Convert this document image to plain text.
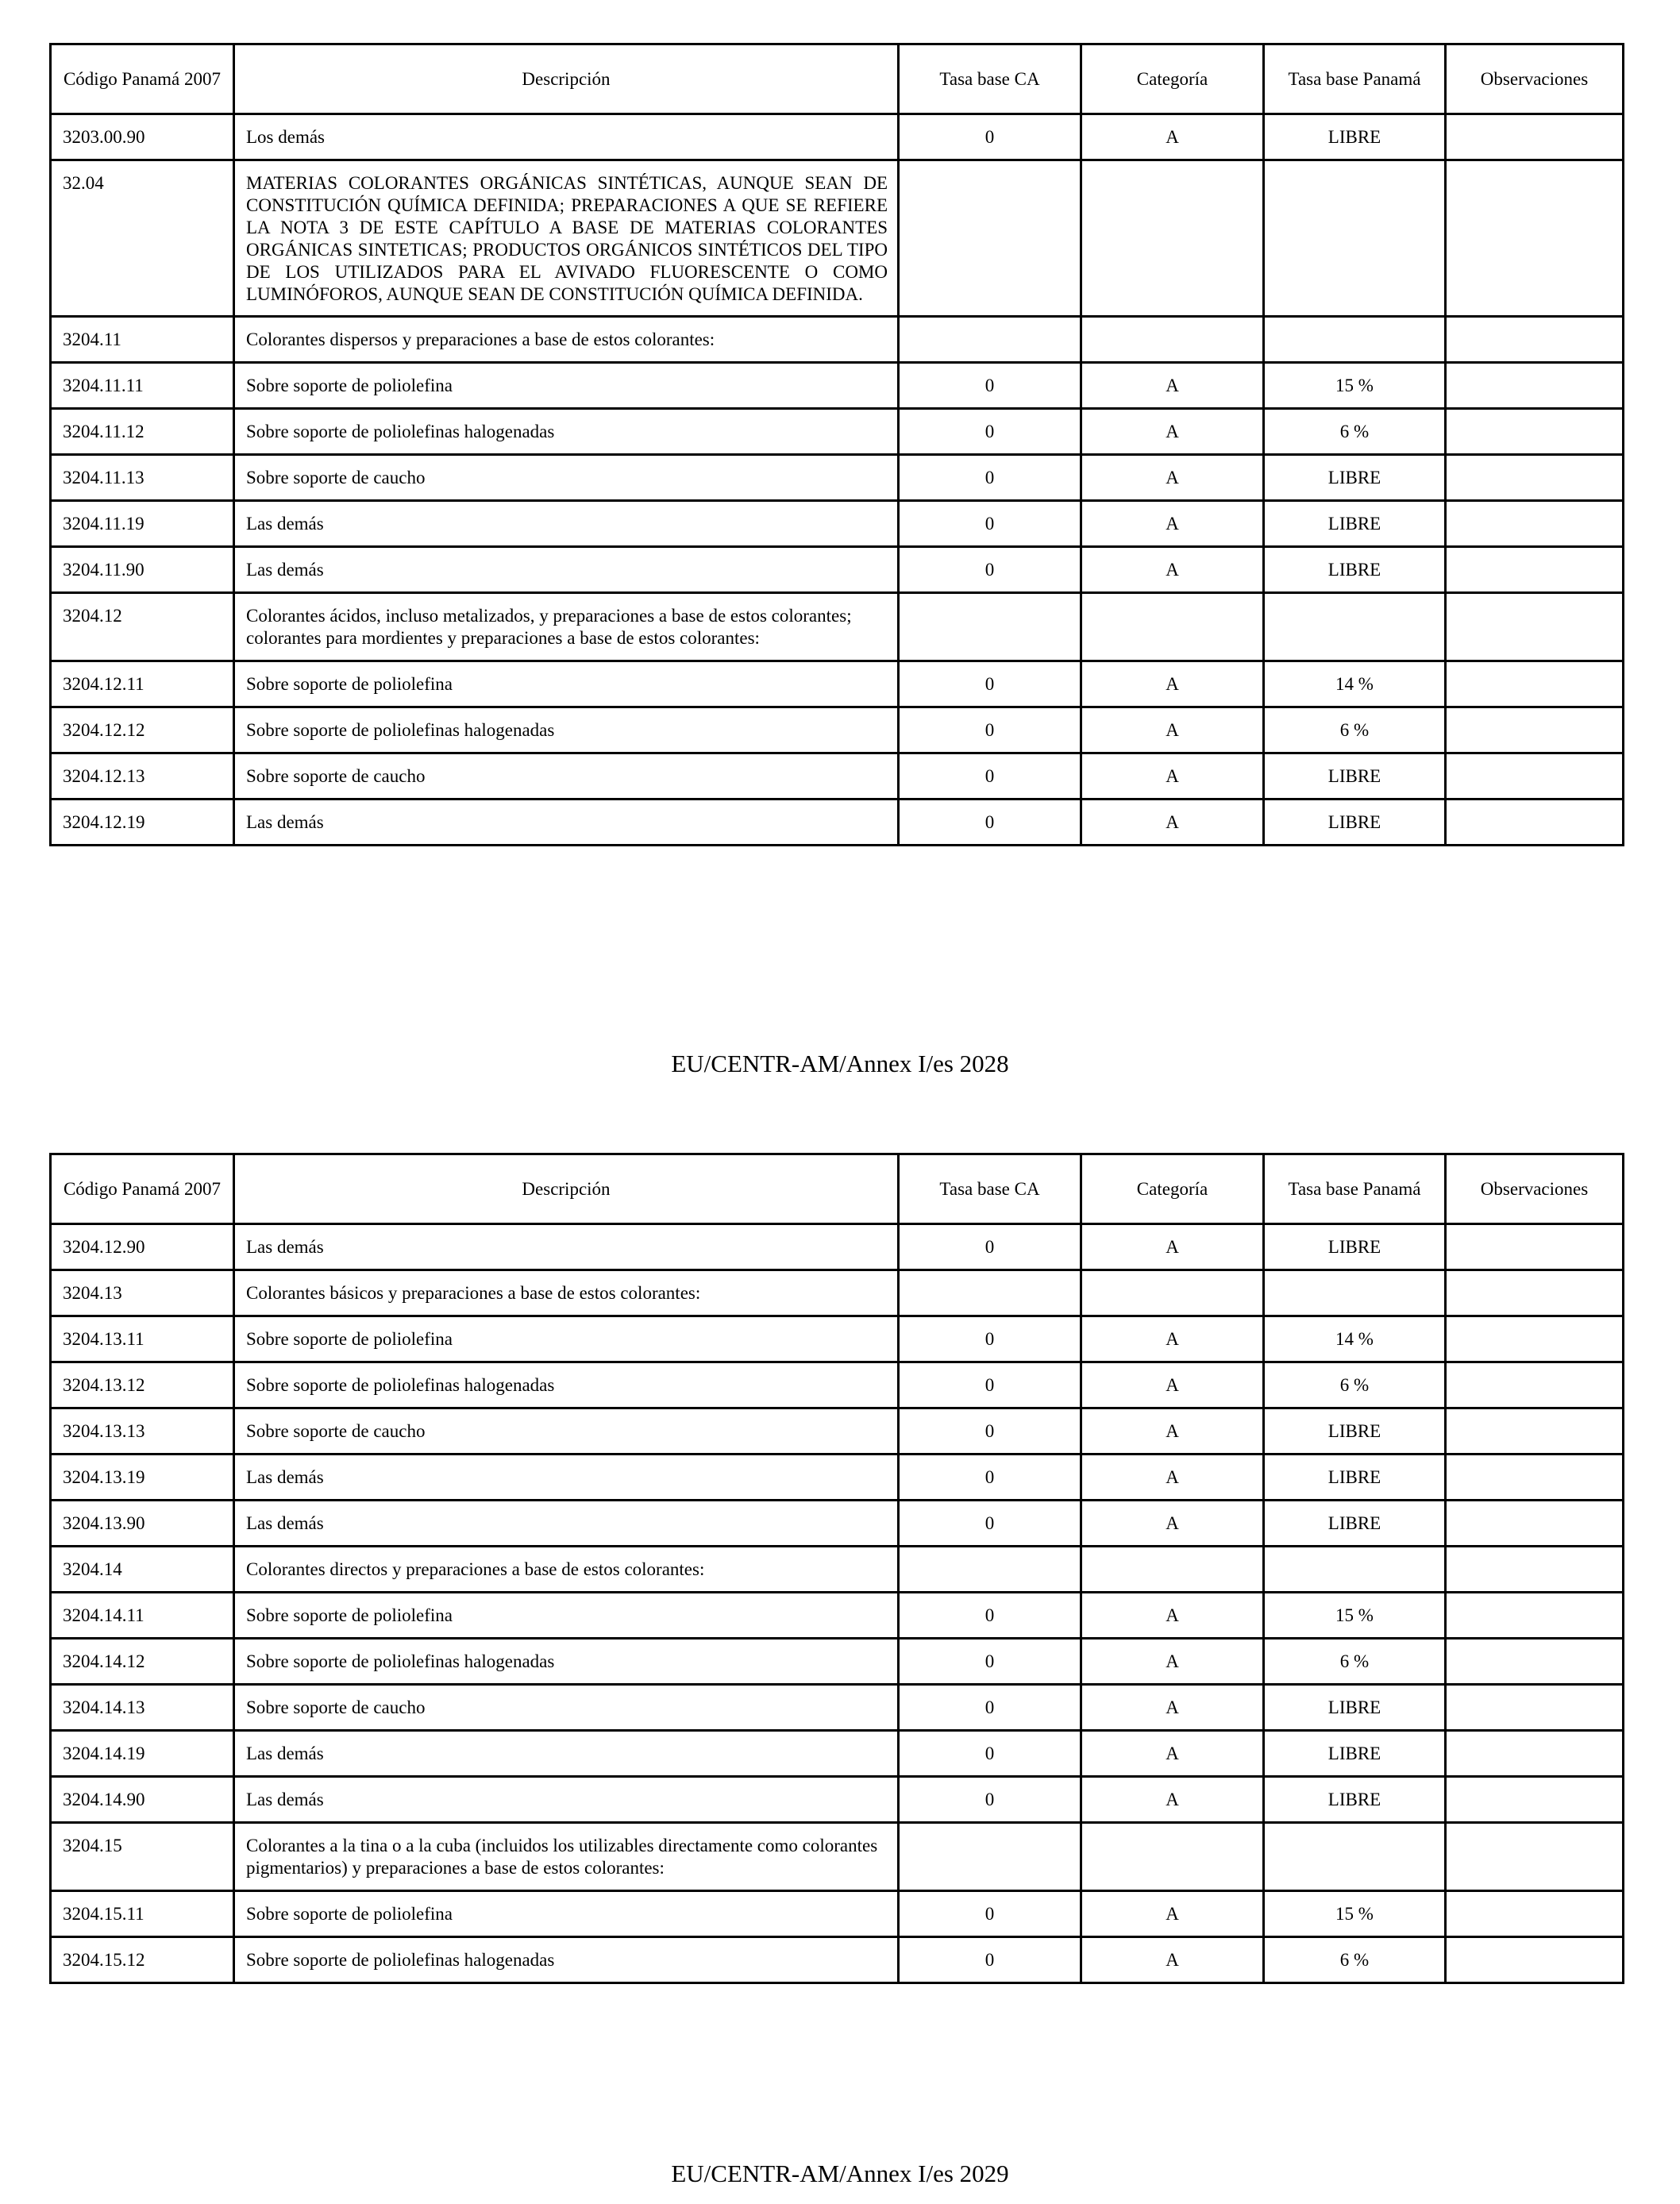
Código Panamá 2007	Descripción	Tasa base CA	Categoría	Tasa base Panamá	Observaciones
3203.00.90	Los demás	0	A	LIBRE	
32.04	MATERIAS COLORANTES ORGÁNICAS SINTÉTICAS, AUNQUE SEAN DE CONSTITUCIÓN QUÍMICA DEFINIDA; PREPARACIONES A QUE SE REFIERE LA NOTA 3 DE ESTE CAPÍTULO A BASE DE MATERIAS COLORANTES ORGÁNICAS SINTETICAS; PRODUCTOS ORGÁNICOS SINTÉTICOS DEL TIPO DE LOS UTILIZADOS PARA EL AVIVADO FLUORESCENTE O COMO LUMINÓFOROS, AUNQUE SEAN DE CONSTITUCIÓN QUÍMICA DEFINIDA.				
3204.11	Colorantes dispersos y preparaciones a base de estos colorantes:				
3204.11.11	Sobre soporte de poliolefina	0	A	15 %	
3204.11.12	Sobre soporte de poliolefinas halogenadas	0	A	6 %	
3204.11.13	Sobre soporte de caucho	0	A	LIBRE	
3204.11.19	Las demás	0	A	LIBRE	
3204.11.90	Las demás	0	A	LIBRE	
3204.12	Colorantes ácidos, incluso metalizados, y preparaciones a base de estos colorantes; colorantes para mordientes y preparaciones a base de estos colorantes:				
3204.12.11	Sobre soporte de poliolefina	0	A	14 %	
3204.12.12	Sobre soporte de poliolefinas halogenadas	0	A	6 %	
3204.12.13	Sobre soporte de caucho	0	A	LIBRE	
3204.12.19	Las demás	0	A	LIBRE	
EU/CENTR-AM/Annex I/es 2028
Código Panamá 2007	Descripción	Tasa base CA	Categoría	Tasa base Panamá	Observaciones
3204.12.90	Las demás	0	A	LIBRE	
3204.13	Colorantes básicos y preparaciones a base de estos colorantes:				
3204.13.11	Sobre soporte de poliolefina	0	A	14 %	
3204.13.12	Sobre soporte de poliolefinas halogenadas	0	A	6 %	
3204.13.13	Sobre soporte de caucho	0	A	LIBRE	
3204.13.19	Las demás	0	A	LIBRE	
3204.13.90	Las demás	0	A	LIBRE	
3204.14	Colorantes directos y preparaciones a base de estos colorantes:				
3204.14.11	Sobre soporte de poliolefina	0	A	15 %	
3204.14.12	Sobre soporte de poliolefinas halogenadas	0	A	6 %	
3204.14.13	Sobre soporte de caucho	0	A	LIBRE	
3204.14.19	Las demás	0	A	LIBRE	
3204.14.90	Las demás	0	A	LIBRE	
3204.15	Colorantes a la tina o a la cuba (incluidos los utilizables directamente como colorantes pigmentarios) y preparaciones a base de estos colorantes:				
3204.15.11	Sobre soporte de poliolefina	0	A	15 %	
3204.15.12	Sobre soporte de poliolefinas halogenadas	0	A	6 %	
EU/CENTR-AM/Annex I/es 2029
